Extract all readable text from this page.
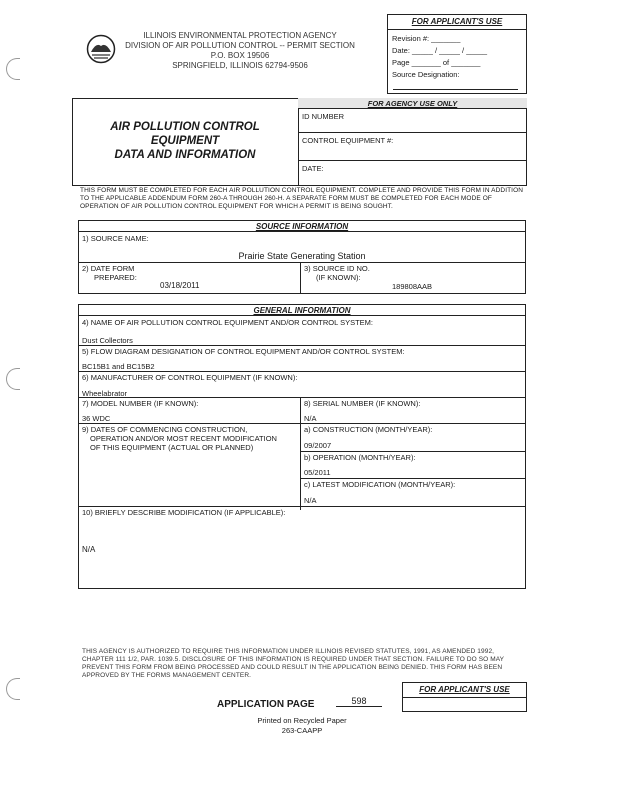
ILLINOIS ENVIRONMENTAL PROTECTION AGENCY
DIVISION OF AIR POLLUTION CONTROL -- PERMIT SECTION
P.O. BOX 19506
SPRINGFIELD, ILLINOIS 62794-9506
FOR APPLICANT'S USE
Revision #: _______
Date: _____ / _____ / _____
Page _______ of _______
Source Designation:
FOR AGENCY USE ONLY
ID NUMBER
CONTROL EQUIPMENT #:
DATE:
AIR POLLUTION CONTROL
EQUIPMENT
DATA AND INFORMATION
THIS FORM MUST BE COMPLETED FOR EACH AIR POLLUTION CONTROL EQUIPMENT. COMPLETE AND PROVIDE THIS FORM IN ADDITION
TO THE APPLICABLE ADDENDUM FORM 260-A THROUGH 260-H. A SEPARATE FORM MUST BE COMPLETED FOR EACH MODE OF
OPERATION OF AIR POLLUTION CONTROL EQUIPMENT FOR WHICH A PERMIT IS BEING SOUGHT.
SOURCE INFORMATION
1) SOURCE NAME:
Prairie State Generating Station
2) DATE FORM
PREPARED:
03/18/2011
3) SOURCE ID NO.
(IF KNOWN):
189808AAB
GENERAL INFORMATION
4) NAME OF AIR POLLUTION CONTROL EQUIPMENT AND/OR CONTROL SYSTEM:
Dust Collectors
5) FLOW DIAGRAM DESIGNATION OF CONTROL EQUIPMENT AND/OR CONTROL SYSTEM:
BC15B1 and BC15B2
6) MANUFACTURER OF CONTROL EQUIPMENT (IF KNOWN):
Wheelabrator
7) MODEL NUMBER (IF KNOWN):
36 WDC
8) SERIAL NUMBER (IF KNOWN):
N/A
9) DATES OF COMMENCING CONSTRUCTION,
OPERATION AND/OR MOST RECENT MODIFICATION
OF THIS EQUIPMENT (ACTUAL OR PLANNED)
a) CONSTRUCTION (MONTH/YEAR):
09/2007
b) OPERATION (MONTH/YEAR):
05/2011
c) LATEST MODIFICATION (MONTH/YEAR):
N/A
10) BRIEFLY DESCRIBE MODIFICATION (IF APPLICABLE):
N/A
THIS AGENCY IS AUTHORIZED TO REQUIRE THIS INFORMATION UNDER ILLINOIS REVISED STATUTES, 1991, AS AMENDED 1992,
CHAPTER 111 1/2, PAR. 1039.5. DISCLOSURE OF THIS INFORMATION IS REQUIRED UNDER THAT SECTION. FAILURE TO DO SO MAY
PREVENT THIS FORM FROM BEING PROCESSED AND COULD RESULT IN THE APPLICATION BEING DENIED. THIS FORM HAS BEEN
APPROVED BY THE FORMS MANAGEMENT CENTER.
FOR APPLICANT'S USE
APPLICATION PAGE	598
Printed on Recycled Paper
263-CAAPP
